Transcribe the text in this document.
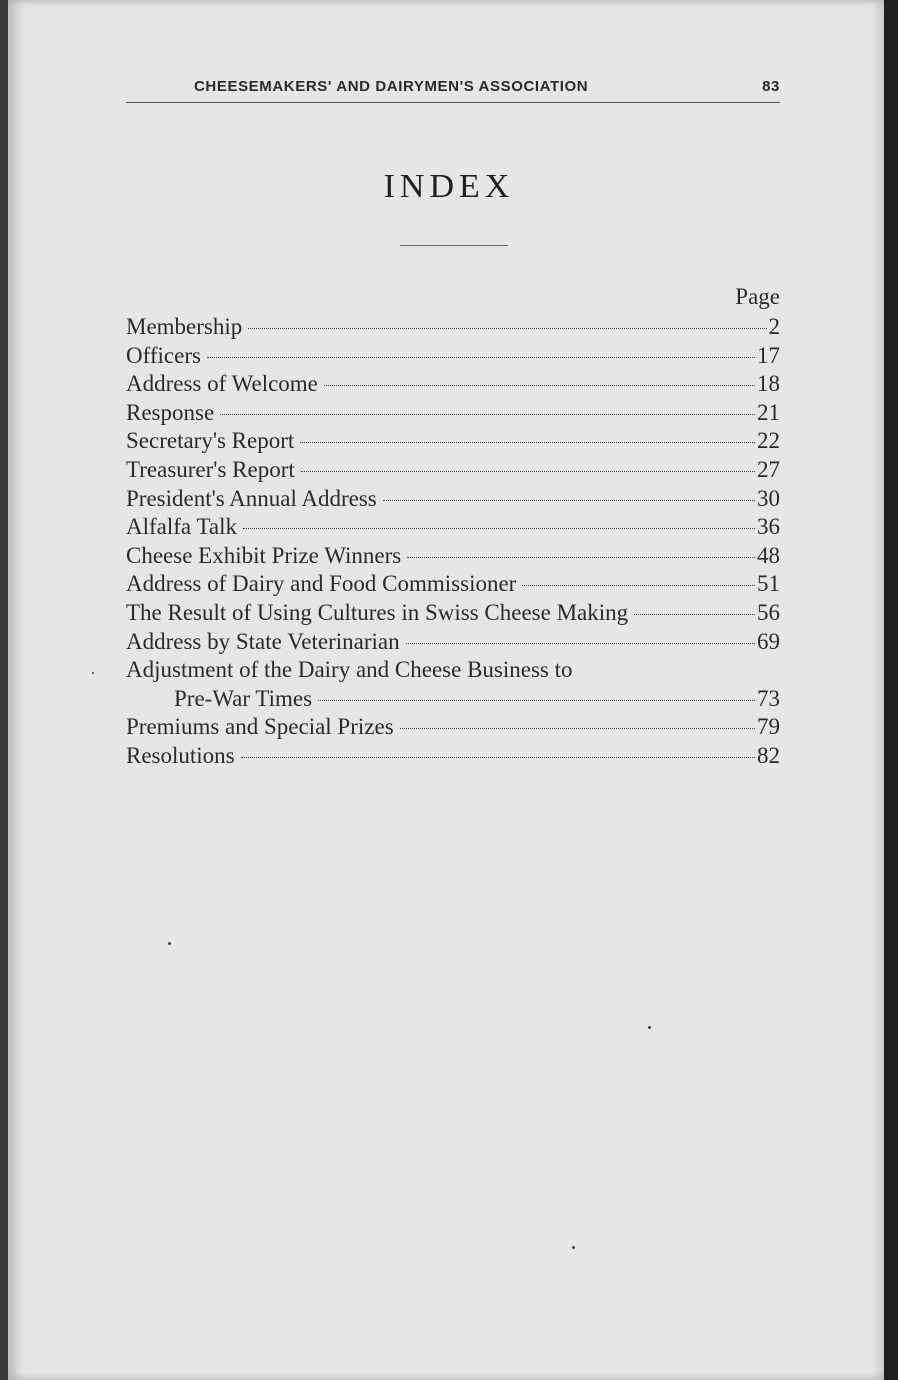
CHEESEMAKERS' AND DAIRYMEN'S ASSOCIATION	83
INDEX
Page
Membership	2
Officers	17
Address of Welcome	18
Response	21
Secretary's Report	22
Treasurer's Report	27
President's Annual Address	30
Alfalfa Talk	36
Cheese Exhibit Prize Winners	48
Address of Dairy and Food Commissioner	51
The Result of Using Cultures in Swiss Cheese Making	56
Address by State Veterinarian	69
Adjustment of the Dairy and Cheese Business to
Pre-War Times	73
Premiums and Special Prizes	79
Resolutions	82
